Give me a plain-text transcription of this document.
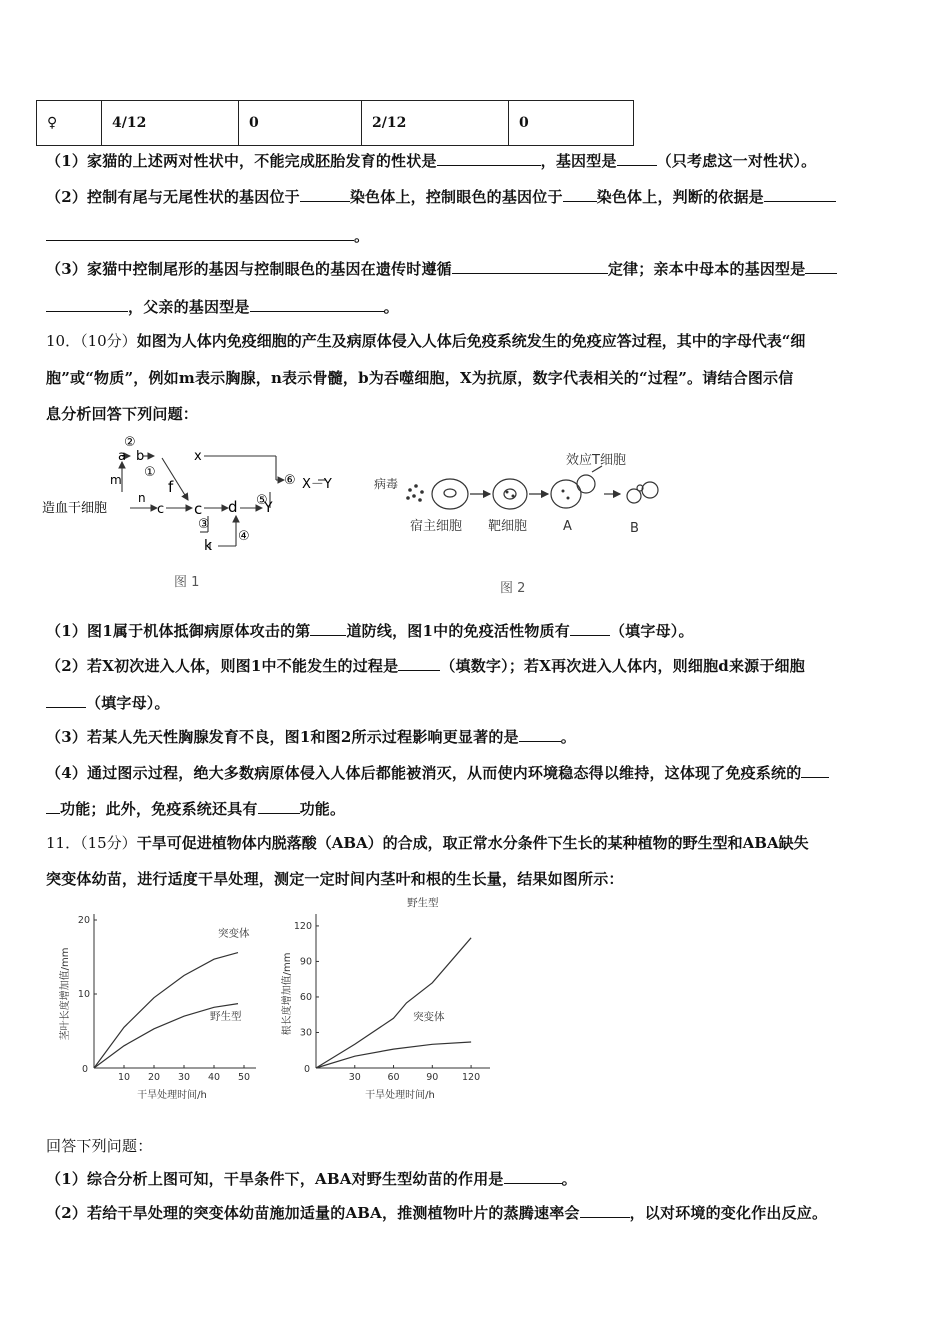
♀	4/12	0	2/12	0
（1）家猫的上述两对性状中，不能完成胚胎发育的性状是	，基因型是	（只考虑这一对性状）。
（2）控制有尾与无尾性状的基因位于	染色体上，控制眼色的基因位于 染色体上，判断的依据是
。
（3）家猫中控制尾形的基因与控制眼色的基因在遗传时遵循	定律；亲本中母本的基因型是
，父亲的基因型是	。
10．（10分）如图为人体内免疫细胞的产生及病原体侵入人体后免疫系统发生的免疫应答过程，其中的字母代表“细
胞”或“物质”，例如m表示胸腺，n表示骨髓，b为吞噬细胞，X为抗原，数字代表相关的“过程”。请结合图示信
息分析回答下列问题：
造血干细胞
m
n
a b	x
f
c c d
k
Y
X－Y
②
①
③
④
⑤
⑥
图 1
效应T细胞
病毒
宿主细胞 靶细胞	A	B
图 2
（1）图1属于机体抵御病原体攻击的第 道防线，图1中的免疫活性物质有	（填字母）。
（2）若X初次进入人体，则图1中不能发生的过程是	（填数字）；若X再次进入人体内，则细胞d来源于细胞
（填字母）。
（3）若某人先天性胸腺发育不良，图1和图2所示过程影响更显著的是	。
（4）通过图示过程，绝大多数病原体侵入人体后都能被消灭，从而使内环境稳态得以维持，这体现了免疫系统的
功能；此外，免疫系统还具有	功能。
11．（15分）干旱可促进植物体内脱落酸（ABA）的合成，取正常水分条件下生长的某种植物的野生型和ABA缺失
突变体幼苗，进行适度干旱处理，测定一定时间内茎叶和根的生长量，结果如图所示：
10 20 30 40 50
10
20
0
干旱处理时间/h
茎叶长度增加值/mm
突变体
野生型
30	60	90 120
30
60
90
120
0
干旱处理时间/h
根长度增加值/mm
野生型
突变体
回答下列问题：
（1）综合分析上图可知，干旱条件下，ABA对野生型幼苗的作用是	。
（2）若给干旱处理的突变体幼苗施加适量的ABA，推测植物叶片的蒸腾速率会	，以对环境的变化作出反应。
